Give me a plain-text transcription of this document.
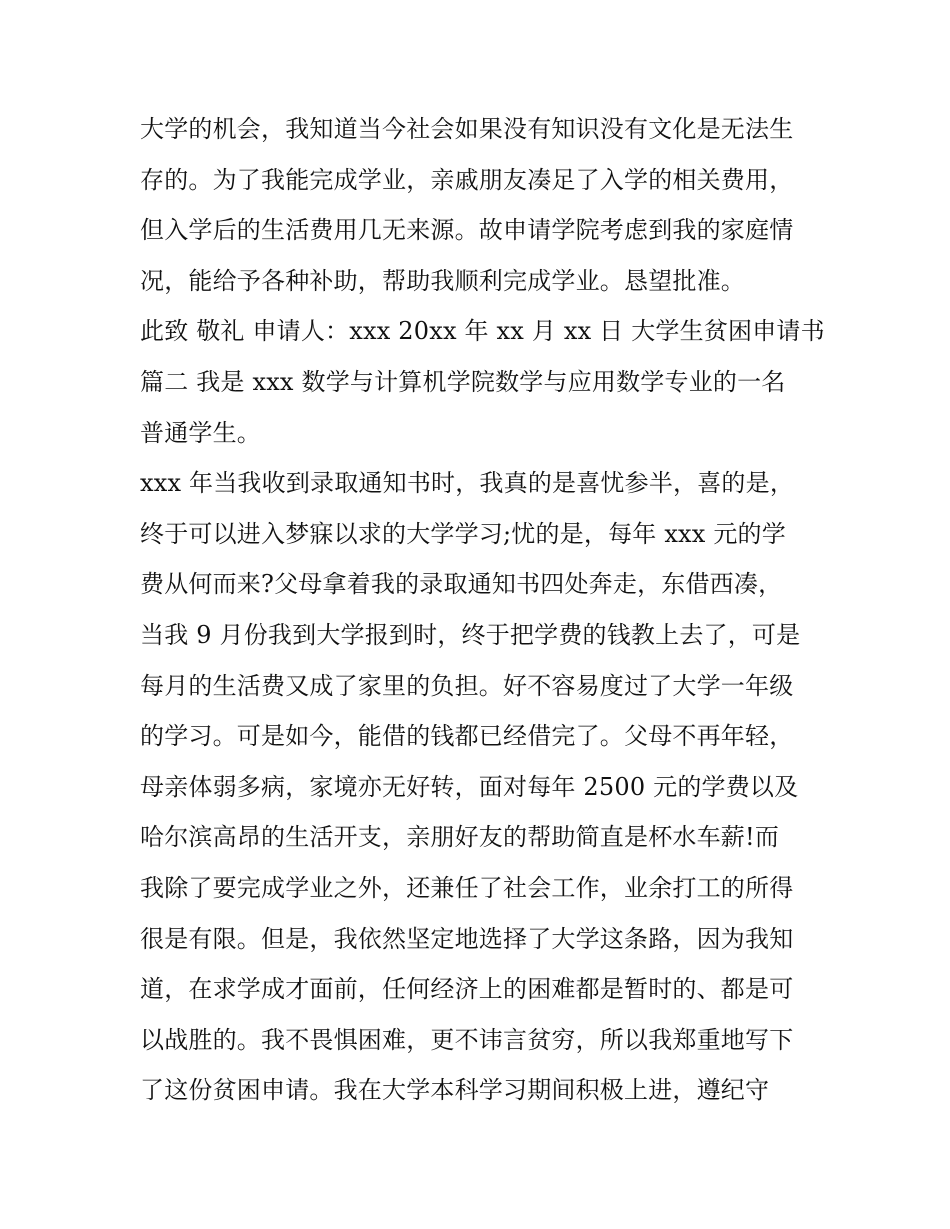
大学的机会，我知道当今社会如果没有知识没有文化是无法生
存的。为了我能完成学业，亲戚朋友凑足了入学的相关费用，
但入学后的生活费用几无来源。故申请学院考虑到我的家庭情
况，能给予各种补助，帮助我顺利完成学业。恳望批准。
此致 敬礼 申请人：xxx 20xx 年 xx 月 xx 日 大学生贫困申请书
篇二 我是 xxx 数学与计算机学院数学与应用数学专业的一名
普通学生。
xxx 年当我收到录取通知书时，我真的是喜忧参半，喜的是，
终于可以进入梦寐以求的大学学习;忧的是，每年 xxx 元的学
费从何而来?父母拿着我的录取通知书四处奔走，东借西凑，
当我 9 月份我到大学报到时，终于把学费的钱教上去了，可是
每月的生活费又成了家里的负担。好不容易度过了大学一年级
的学习。可是如今，能借的钱都已经借完了。父母不再年轻，
母亲体弱多病，家境亦无好转，面对每年 2500 元的学费以及
哈尔滨高昂的生活开支，亲朋好友的帮助简直是杯水车薪!而
我除了要完成学业之外，还兼任了社会工作，业余打工的所得
很是有限。但是，我依然坚定地选择了大学这条路，因为我知
道，在求学成才面前，任何经济上的困难都是暂时的、都是可
以战胜的。我不畏惧困难，更不讳言贫穷，所以我郑重地写下
了这份贫困申请。我在大学本科学习期间积极上进，遵纪守
